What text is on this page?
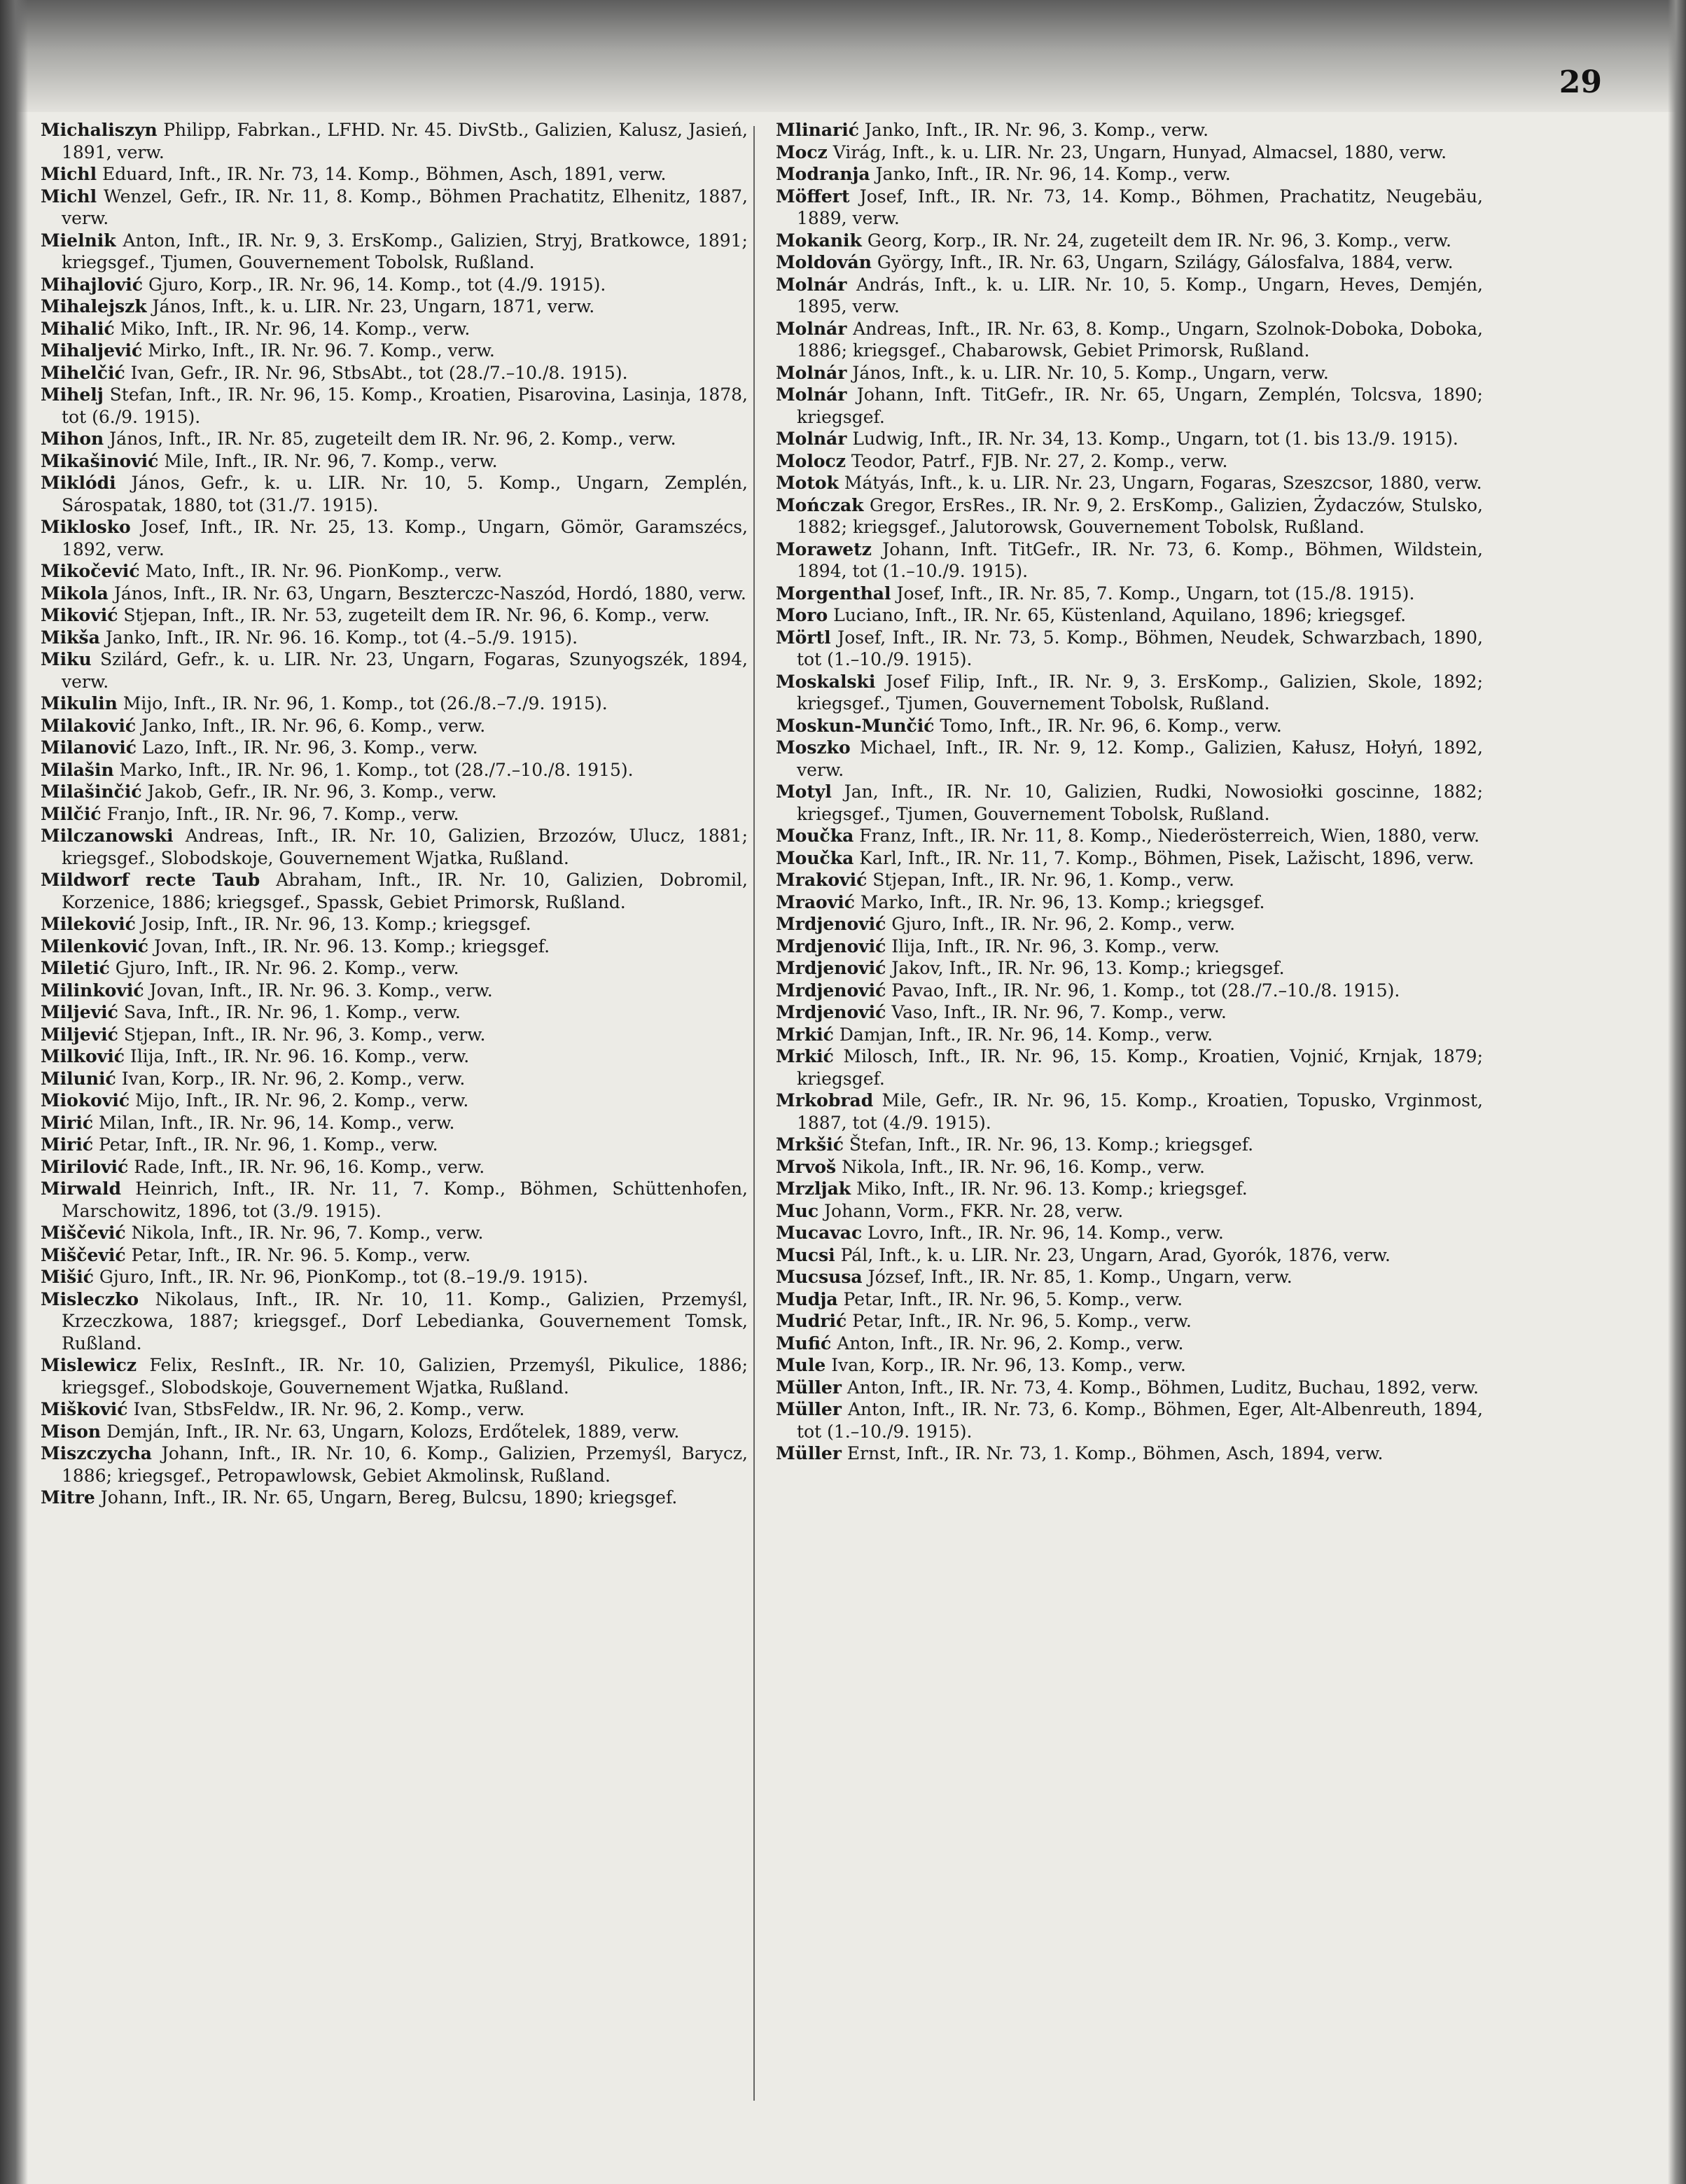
29

Michaliszyn Philipp, Fabrkan., LFHD. Nr. 45. DivStb., Galizien, Kalusz, Jasień, 1891, verw.

Michl Eduard, Inft., IR. Nr. 73, 14. Komp., Böhmen, Asch, 1891, verw.

Michl Wenzel, Gefr., IR. Nr. 11, 8. Komp., Böhmen Prachatitz, Elhenitz, 1887, verw.

Mielnik Anton, Inft., IR. Nr. 9, 3. ErsKomp., Galizien, Stryj, Bratkowce, 1891; kriegsgef., Tjumen, Gouvernement Tobolsk, Rußland.

Mihajlović Gjuro, Korp., IR. Nr. 96, 14. Komp., tot (4./9. 1915).

Mihalejszk János, Inft., k. u. LIR. Nr. 23, Ungarn, 1871, verw.

Mihalić Miko, Inft., IR. Nr. 96, 14. Komp., verw.

Mihaljević Mirko, Inft., IR. Nr. 96. 7. Komp., verw.

Mihelčić Ivan, Gefr., IR. Nr. 96, StbsAbt., tot (28./7.–10./8. 1915).

Mihelj Stefan, Inft., IR. Nr. 96, 15. Komp., Kroatien, Pisarovina, Lasinja, 1878, tot (6./9. 1915).

Mihon János, Inft., IR. Nr. 85, zugeteilt dem IR. Nr. 96, 2. Komp., verw.

Mikašinović Mile, Inft., IR. Nr. 96, 7. Komp., verw.

Miklódi János, Gefr., k. u. LIR. Nr. 10, 5. Komp., Ungarn, Zemplén, Sárospatak, 1880, tot (31./7. 1915).

Miklosko Josef, Inft., IR. Nr. 25, 13. Komp., Ungarn, Gömör, Garamszécs, 1892, verw.

Mikočević Mato, Inft., IR. Nr. 96. PionKomp., verw.

Mikola János, Inft., IR. Nr. 63, Ungarn, Beszterczc-Naszód, Hordó, 1880, verw.

Miković Stjepan, Inft., IR. Nr. 53, zugeteilt dem IR. Nr. 96, 6. Komp., verw.

Mikša Janko, Inft., IR. Nr. 96. 16. Komp., tot (4.–5./9. 1915).

Miku Szilárd, Gefr., k. u. LIR. Nr. 23, Ungarn, Fogaras, Szunyogszék, 1894, verw.

Mikulin Mijo, Inft., IR. Nr. 96, 1. Komp., tot (26./8.–7./9. 1915).

Milaković Janko, Inft., IR. Nr. 96, 6. Komp., verw.

Milanović Lazo, Inft., IR. Nr. 96, 3. Komp., verw.

Milašin Marko, Inft., IR. Nr. 96, 1. Komp., tot (28./7.–10./8. 1915).

Milašinčić Jakob, Gefr., IR. Nr. 96, 3. Komp., verw.

Milčić Franjo, Inft., IR. Nr. 96, 7. Komp., verw.

Milczanowski Andreas, Inft., IR. Nr. 10, Galizien, Brzozów, Ulucz, 1881; kriegsgef., Slobodskoje, Gouvernement Wjatka, Rußland.

Mildworf recte Taub Abraham, Inft., IR. Nr. 10, Galizien, Dobromil, Korzenice, 1886; kriegsgef., Spassk, Gebiet Primorsk, Rußland.

Mileković Josip, Inft., IR. Nr. 96, 13. Komp.; kriegsgef.

Milenković Jovan, Inft., IR. Nr. 96. 13. Komp.; kriegsgef.

Miletić Gjuro, Inft., IR. Nr. 96. 2. Komp., verw.

Milinković Jovan, Inft., IR. Nr. 96. 3. Komp., verw.

Miljević Sava, Inft., IR. Nr. 96, 1. Komp., verw.

Miljević Stjepan, Inft., IR. Nr. 96, 3. Komp., verw.

Milković Ilija, Inft., IR. Nr. 96. 16. Komp., verw.

Milunić Ivan, Korp., IR. Nr. 96, 2. Komp., verw.

Mioković Mijo, Inft., IR. Nr. 96, 2. Komp., verw.

Mirić Milan, Inft., IR. Nr. 96, 14. Komp., verw.

Mirić Petar, Inft., IR. Nr. 96, 1. Komp., verw.

Mirilović Rade, Inft., IR. Nr. 96, 16. Komp., verw.

Mirwald Heinrich, Inft., IR. Nr. 11, 7. Komp., Böhmen, Schüttenhofen, Marschowitz, 1896, tot (3./9. 1915).

Miščević Nikola, Inft., IR. Nr. 96, 7. Komp., verw.

Miščević Petar, Inft., IR. Nr. 96. 5. Komp., verw.

Mišić Gjuro, Inft., IR. Nr. 96, PionKomp., tot (8.–19./9. 1915).

Misleczko Nikolaus, Inft., IR. Nr. 10, 11. Komp., Galizien, Przemyśl, Krzeczkowa, 1887; kriegsgef., Dorf Lebedianka, Gouvernement Tomsk, Rußland.

Mislewicz Felix, ResInft., IR. Nr. 10, Galizien, Przemyśl, Pikulice, 1886; kriegsgef., Slobodskoje, Gouvernement Wjatka, Rußland.

Mišković Ivan, StbsFeldw., IR. Nr. 96, 2. Komp., verw.

Mison Demján, Inft., IR. Nr. 63, Ungarn, Kolozs, Erdőtelek, 1889, verw.

Miszczycha Johann, Inft., IR. Nr. 10, 6. Komp., Galizien, Przemyśl, Barycz, 1886; kriegsgef., Petropawlowsk, Gebiet Akmolinsk, Rußland.

Mitre Johann, Inft., IR. Nr. 65, Ungarn, Bereg, Bulcsu, 1890; kriegsgef.

Mlinarić Janko, Inft., IR. Nr. 96, 3. Komp., verw.

Mocz Virág, Inft., k. u. LIR. Nr. 23, Ungarn, Hunyad, Almacsel, 1880, verw.

Modranja Janko, Inft., IR. Nr. 96, 14. Komp., verw.

Möffert Josef, Inft., IR. Nr. 73, 14. Komp., Böhmen, Prachatitz, Neugebäu, 1889, verw.

Mokanik Georg, Korp., IR. Nr. 24, zugeteilt dem IR. Nr. 96, 3. Komp., verw.

Moldován György, Inft., IR. Nr. 63, Ungarn, Szilágy, Gálosfalva, 1884, verw.

Molnár András, Inft., k. u. LIR. Nr. 10, 5. Komp., Ungarn, Heves, Demjén, 1895, verw.

Molnár Andreas, Inft., IR. Nr. 63, 8. Komp., Ungarn, Szolnok-Doboka, Doboka, 1886; kriegsgef., Chabarowsk, Gebiet Primorsk, Rußland.

Molnár János, Inft., k. u. LIR. Nr. 10, 5. Komp., Ungarn, verw.

Molnár Johann, Inft. TitGefr., IR. Nr. 65, Ungarn, Zemplén, Tolcsva, 1890; kriegsgef.

Molnár Ludwig, Inft., IR. Nr. 34, 13. Komp., Ungarn, tot (1. bis 13./9. 1915).

Molocz Teodor, Patrf., FJB. Nr. 27, 2. Komp., verw.

Motok Mátyás, Inft., k. u. LIR. Nr. 23, Ungarn, Fogaras, Szeszcsor, 1880, verw.

Mończak Gregor, ErsRes., IR. Nr. 9, 2. ErsKomp., Galizien, Żydaczów, Stulsko, 1882; kriegsgef., Jalutorowsk, Gouvernement Tobolsk, Rußland.

Morawetz Johann, Inft. TitGefr., IR. Nr. 73, 6. Komp., Böhmen, Wildstein, 1894, tot (1.–10./9. 1915).

Morgenthal Josef, Inft., IR. Nr. 85, 7. Komp., Ungarn, tot (15./8. 1915).

Moro Luciano, Inft., IR. Nr. 65, Küstenland, Aquilano, 1896; kriegsgef.

Mörtl Josef, Inft., IR. Nr. 73, 5. Komp., Böhmen, Neudek, Schwarzbach, 1890, tot (1.–10./9. 1915).

Moskalski Josef Filip, Inft., IR. Nr. 9, 3. ErsKomp., Galizien, Skole, 1892; kriegsgef., Tjumen, Gouvernement Tobolsk, Rußland.

Moskun-Munčić Tomo, Inft., IR. Nr. 96, 6. Komp., verw.

Moszko Michael, Inft., IR. Nr. 9, 12. Komp., Galizien, Kałusz, Hołyń, 1892, verw.

Motyl Jan, Inft., IR. Nr. 10, Galizien, Rudki, Nowosiołki goscinne, 1882; kriegsgef., Tjumen, Gouvernement Tobolsk, Rußland.

Moučka Franz, Inft., IR. Nr. 11, 8. Komp., Niederösterreich, Wien, 1880, verw.

Moučka Karl, Inft., IR. Nr. 11, 7. Komp., Böhmen, Pisek, Lažischt, 1896, verw.

Mraković Stjepan, Inft., IR. Nr. 96, 1. Komp., verw.

Mraović Marko, Inft., IR. Nr. 96, 13. Komp.; kriegsgef.

Mrdjenović Gjuro, Inft., IR. Nr. 96, 2. Komp., verw.

Mrdjenović Ilija, Inft., IR. Nr. 96, 3. Komp., verw.

Mrdjenović Jakov, Inft., IR. Nr. 96, 13. Komp.; kriegsgef.

Mrdjenović Pavao, Inft., IR. Nr. 96, 1. Komp., tot (28./7.–10./8. 1915).

Mrdjenović Vaso, Inft., IR. Nr. 96, 7. Komp., verw.

Mrkić Damjan, Inft., IR. Nr. 96, 14. Komp., verw.

Mrkić Milosch, Inft., IR. Nr. 96, 15. Komp., Kroatien, Vojnić, Krnjak, 1879; kriegsgef.

Mrkobrad Mile, Gefr., IR. Nr. 96, 15. Komp., Kroatien, Topusko, Vrginmost, 1887, tot (4./9. 1915).

Mrkšić Štefan, Inft., IR. Nr. 96, 13. Komp.; kriegsgef.

Mrvoš Nikola, Inft., IR. Nr. 96, 16. Komp., verw.

Mrzljak Miko, Inft., IR. Nr. 96. 13. Komp.; kriegsgef.

Muc Johann, Vorm., FKR. Nr. 28, verw.

Mucavac Lovro, Inft., IR. Nr. 96, 14. Komp., verw.

Mucsi Pál, Inft., k. u. LIR. Nr. 23, Ungarn, Arad, Gyorók, 1876, verw.

Mucsusa József, Inft., IR. Nr. 85, 1. Komp., Ungarn, verw.

Mudja Petar, Inft., IR. Nr. 96, 5. Komp., verw.

Mudrić Petar, Inft., IR. Nr. 96, 5. Komp., verw.

Mufić Anton, Inft., IR. Nr. 96, 2. Komp., verw.

Mule Ivan, Korp., IR. Nr. 96, 13. Komp., verw.

Müller Anton, Inft., IR. Nr. 73, 4. Komp., Böhmen, Luditz, Buchau, 1892, verw.

Müller Anton, Inft., IR. Nr. 73, 6. Komp., Böhmen, Eger, Alt-Albenreuth, 1894, tot (1.–10./9. 1915).

Müller Ernst, Inft., IR. Nr. 73, 1. Komp., Böhmen, Asch, 1894, verw.
